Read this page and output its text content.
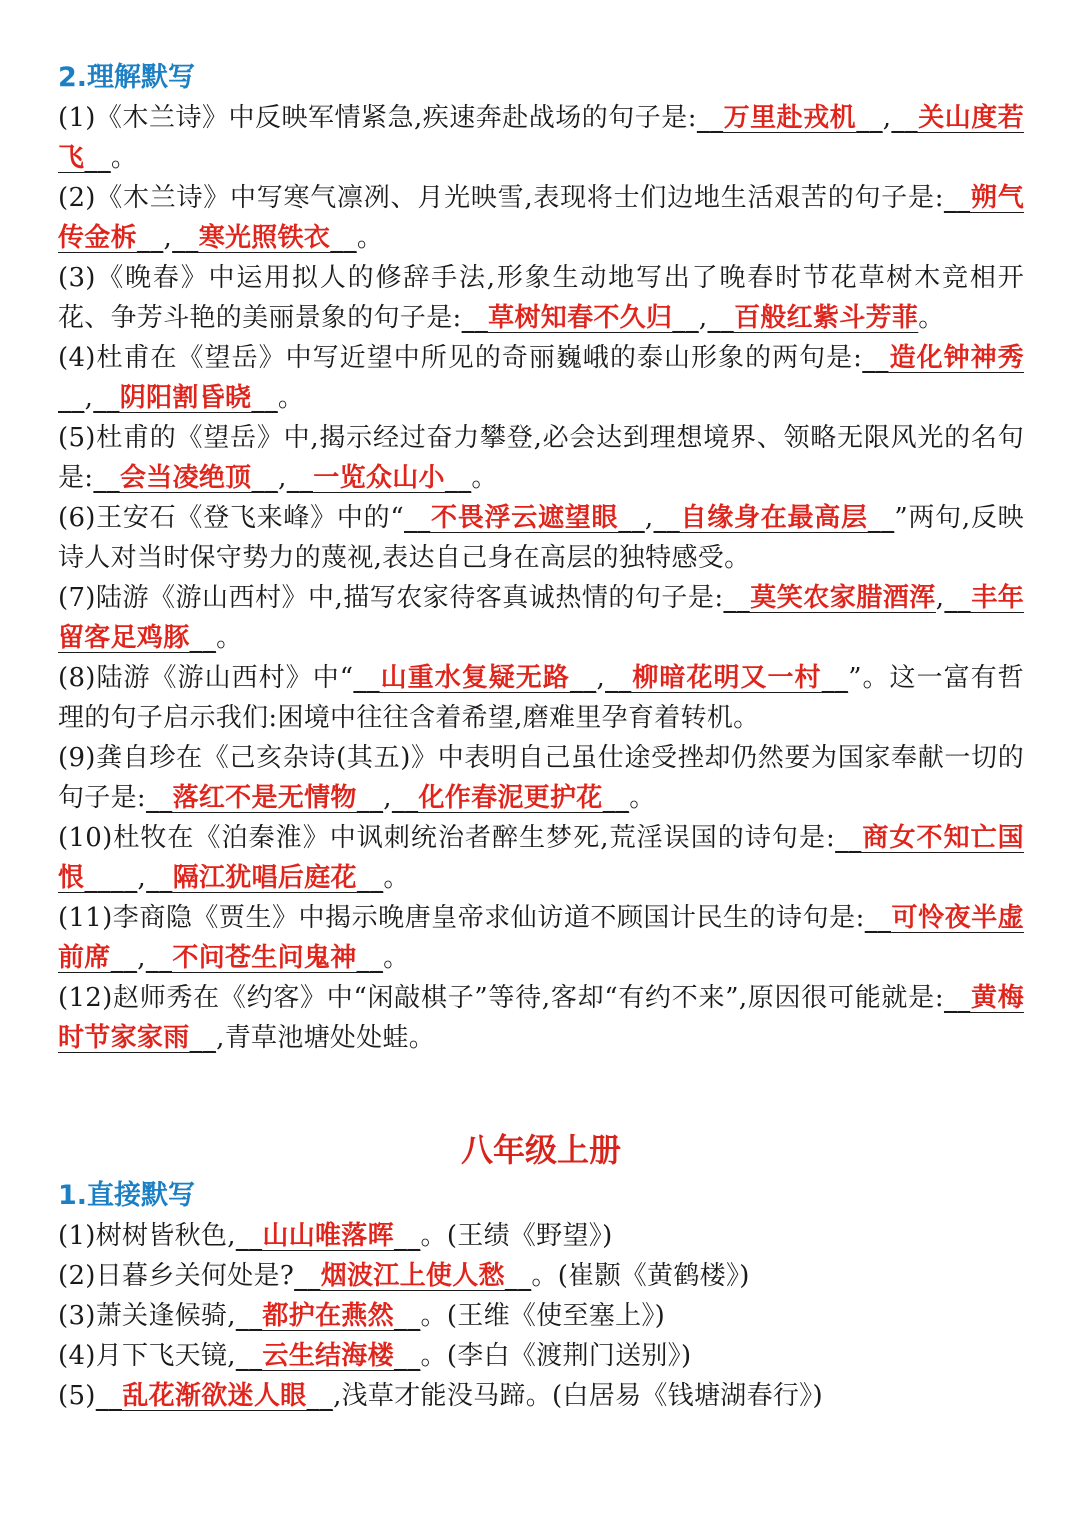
2.理解默写
(1)《木兰诗》中反映军情紧急,疾速奔赴战场的句子是:__万里赴戎机__,__关山度若飞__。
(2)《木兰诗》中写寒气凛冽、月光映雪,表现将士们边地生活艰苦的句子是:__朔气传金柝__,__寒光照铁衣__。
(3)《晚春》中运用拟人的修辞手法,形象生动地写出了晚春时节花草树木竞相开花、争芳斗艳的美丽景象的句子是:__草树知春不久归__,__百般红紫斗芳菲。
(4)杜甫在《望岳》中写近望中所见的奇丽巍峨的泰山形象的两句是:__造化钟神秀__,__阴阳割昏晓__。
(5)杜甫的《望岳》中,揭示经过奋力攀登,必会达到理想境界、领略无限风光的名句是:__会当凌绝顶__,__一览众山小__。
(6)王安石《登飞来峰》中的“__不畏浮云遮望眼__,__自缘身在最高层__”两句,反映诗人对当时保守势力的蔑视,表达自己身在高层的独特感受。
(7)陆游《游山西村》中,描写农家待客真诚热情的句子是:__莫笑农家腊酒浑,__丰年留客足鸡豚__。
(8)陆游《游山西村》中“__山重水复疑无路__,__柳暗花明又一村__”。这一富有哲理的句子启示我们:困境中往往含着希望,磨难里孕育着转机。
(9)龚自珍在《己亥杂诗(其五)》中表明自己虽仕途受挫却仍然要为国家奉献一切的句子是:__落红不是无情物__,__化作春泥更护花__。
(10)杜牧在《泊秦淮》中讽刺统治者醉生梦死,荒淫误国的诗句是:__商女不知亡国恨____,__隔江犹唱后庭花__。
(11)李商隐《贾生》中揭示晚唐皇帝求仙访道不顾国计民生的诗句是:__可怜夜半虚前席__,__不问苍生问鬼神__。
(12)赵师秀在《约客》中“闲敲棋子”等待,客却“有约不来”,原因很可能就是:__黄梅时节家家雨__,青草池塘处处蛙。
八年级上册
1.直接默写
(1)树树皆秋色,__山山唯落晖__。(王绩《野望》)
(2)日暮乡关何处是?__烟波江上使人愁__。(崔颢《黄鹤楼》)
(3)萧关逢候骑,__都护在燕然__。(王维《使至塞上》)
(4)月下飞天镜,__云生结海楼__。(李白《渡荆门送别》)
(5)__乱花渐欲迷人眼__,浅草才能没马蹄。(白居易《钱塘湖春行》)
